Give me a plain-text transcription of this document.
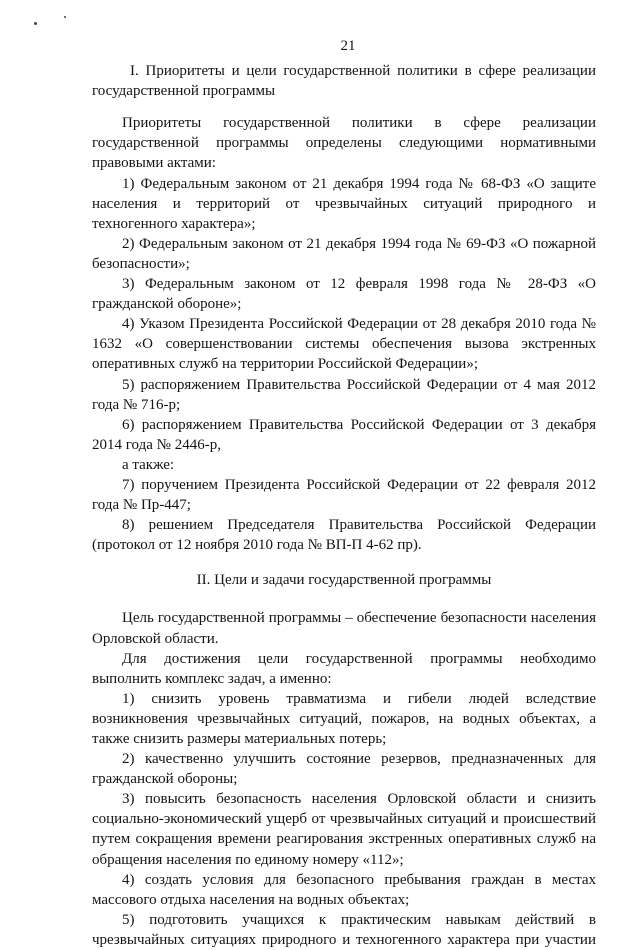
21
I. Приоритеты и цели государственной политики в сфере реализации государственной программы

Приоритеты государственной политики в сфере реализации государственной программы определены следующими нормативными правовыми актами:

1) Федеральным законом от 21 декабря 1994 года № 68-ФЗ «О защите населения и территорий от чрезвычайных ситуаций природного и техногенного характера»;

2) Федеральным законом от 21 декабря 1994 года № 69-ФЗ «О пожарной безопасности»;

3) Федеральным законом от 12 февраля 1998 года № 28-ФЗ «О гражданской обороне»;

4) Указом Президента Российской Федерации от 28 декабря 2010 года № 1632 «О совершенствовании системы обеспечения вызова экстренных оперативных служб на территории Российской Федерации»;

5) распоряжением Правительства Российской Федерации от 4 мая 2012 года № 716-р;

6) распоряжением Правительства Российской Федерации от 3 декабря 2014 года № 2446-р,

а также:

7) поручением Президента Российской Федерации от 22 февраля 2012 года № Пр-447;

8) решением Председателя Правительства Российской Федерации (протокол от 12 ноября 2010 года № ВП-П 4-62 пр).

II. Цели и задачи государственной программы

Цель государственной программы – обеспечение безопасности населения Орловской области.

Для достижения цели государственной программы необходимо выполнить комплекс задач, а именно:

1) снизить уровень травматизма и гибели людей вследствие возникновения чрезвычайных ситуаций, пожаров, на водных объектах, а также снизить размеры материальных потерь;

2) качественно улучшить состояние резервов, предназначенных для гражданской обороны;

3) повысить безопасность населения Орловской области и снизить социально-экономический ущерб от чрезвычайных ситуаций и происшествий путем сокращения времени реагирования экстренных оперативных служб на обращения населения по единому номеру «112»;

4) создать условия для безопасного пребывания граждан в местах массового отдыха населения на водных объектах;

5) подготовить учащихся к практическим навыкам действий в чрезвычайных ситуациях природного и техногенного характера при участии
